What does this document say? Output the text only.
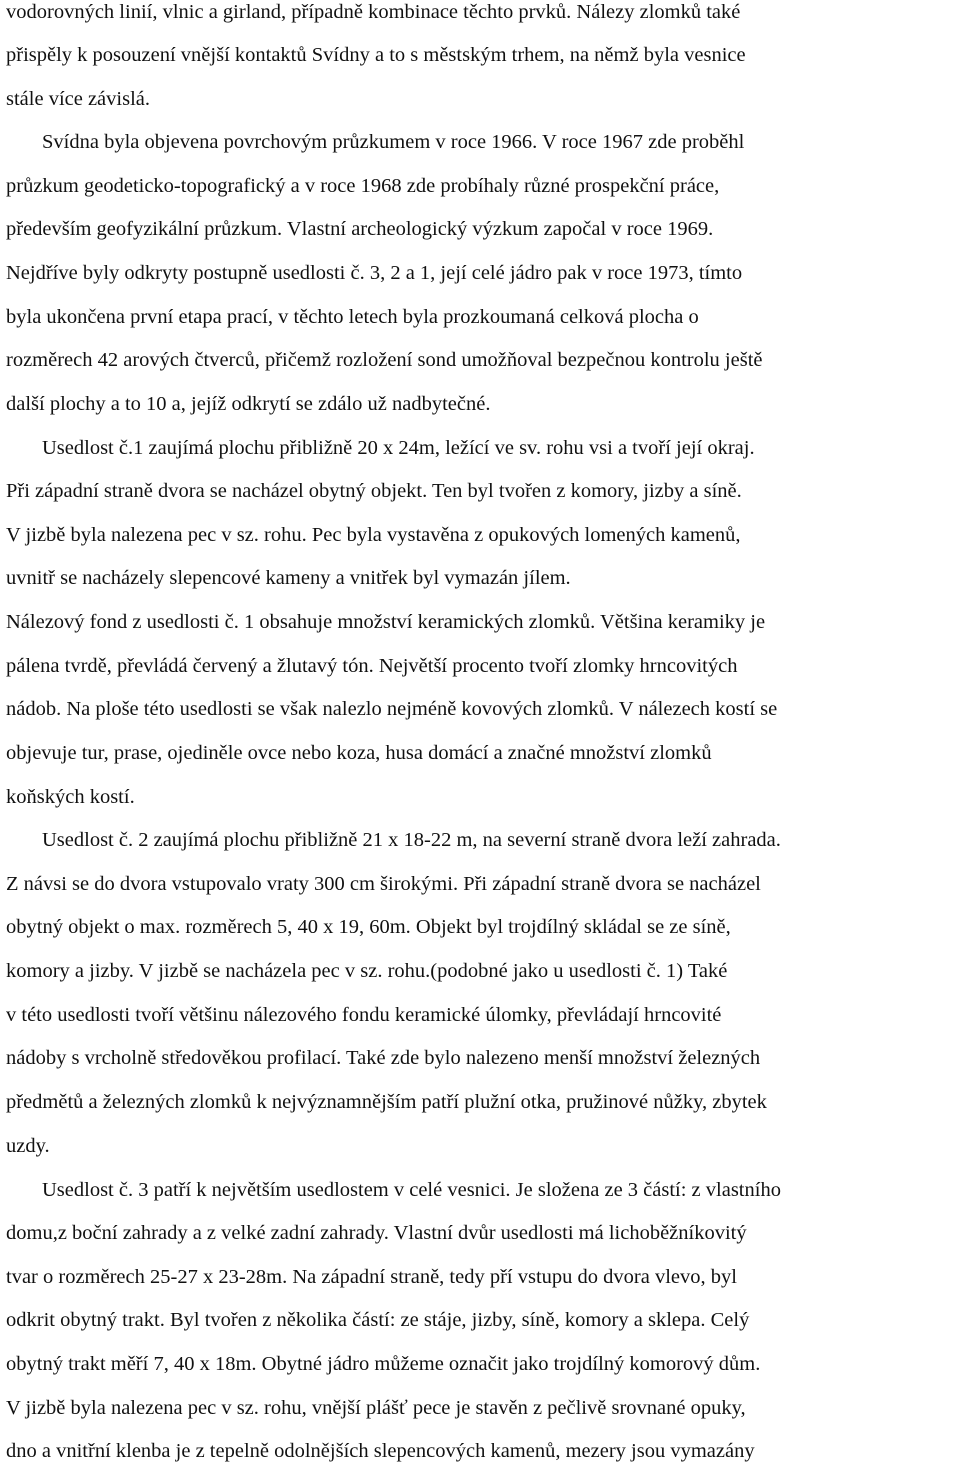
vodorovných linií, vlnic a girland, případně kombinace těchto prvků. Nálezy zlomků také
přispěly k posouzení vnější kontaktů Svídny a to s městským trhem, na němž byla vesnice
stále více závislá.
Svídna byla objevena povrchovým průzkumem v roce 1966. V roce 1967 zde proběhl
průzkum geodeticko-topografický a v roce 1968 zde probíhaly různé prospekční práce,
především geofyzikální průzkum. Vlastní archeologický výzkum započal v roce 1969.
Nejdříve byly odkryty postupně usedlosti č. 3, 2 a 1, její celé jádro pak v roce 1973, tímto
byla ukončena první etapa prací, v těchto letech byla prozkoumaná celková plocha o
rozměrech 42 arových čtverců, přičemž rozložení sond umožňoval bezpečnou kontrolu ještě
další plochy a to 10 a, jejíž odkrytí se zdálo už nadbytečné.
Usedlost č.1 zaujímá plochu přibližně 20 x 24m, ležící ve sv. rohu vsi a tvoří její okraj.
Při západní straně dvora se nacházel obytný objekt. Ten byl tvořen z komory, jizby a síně.
V jizbě byla nalezena pec v sz. rohu. Pec byla vystavěna z opukových lomených kamenů,
uvnitř se nacházely slepencové kameny a vnitřek byl vymazán jílem.
Nálezový fond z usedlosti č. 1 obsahuje množství keramických zlomků. Většina keramiky je
pálena tvrdě, převládá červený a žlutavý tón. Největší procento tvoří zlomky hrncovitých
nádob. Na ploše této usedlosti se však nalezlo nejméně kovových zlomků. V nálezech kostí se
objevuje tur, prase, ojediněle ovce nebo koza, husa domácí a značné množství zlomků
koňských kostí.
Usedlost č. 2 zaujímá plochu přibližně 21 x 18-22 m, na severní straně dvora leží zahrada.
Z návsi se do dvora vstupovalo vraty 300 cm širokými. Při západní straně dvora se nacházel
obytný objekt o max. rozměrech 5, 40 x 19, 60m. Objekt byl trojdílný skládal se ze síně,
komory a jizby. V jizbě se nacházela pec v sz. rohu.(podobné jako u usedlosti č. 1) Také
v této usedlosti tvoří většinu nálezového fondu keramické úlomky, převládají hrncovité
nádoby s vrcholně středověkou profilací. Také zde bylo nalezeno menší množství železných
předmětů a železných zlomků k nejvýznamnějším patří plužní otka, pružinové nůžky, zbytek
uzdy.
Usedlost č. 3 patří k největším usedlostem v celé vesnici. Je složena ze 3 částí: z vlastního
domu,z boční zahrady a z velké zadní zahrady. Vlastní dvůr usedlosti má lichoběžníkovitý
tvar o rozměrech 25-27 x 23-28m. Na západní straně, tedy pří vstupu do dvora vlevo, byl
odkrit obytný trakt. Byl tvořen z několika částí: ze stáje, jizby, síně, komory a sklepa. Celý
obytný trakt měří 7, 40 x 18m. Obytné jádro můžeme označit jako trojdílný komorový dům.
V jizbě byla nalezena pec v sz. rohu, vnější plášť pece je stavěn z pečlivě srovnané opuky,
dno a vnitřní klenba je z tepelně odolnějších slepencových kamenů, mezery jsou vymazány
